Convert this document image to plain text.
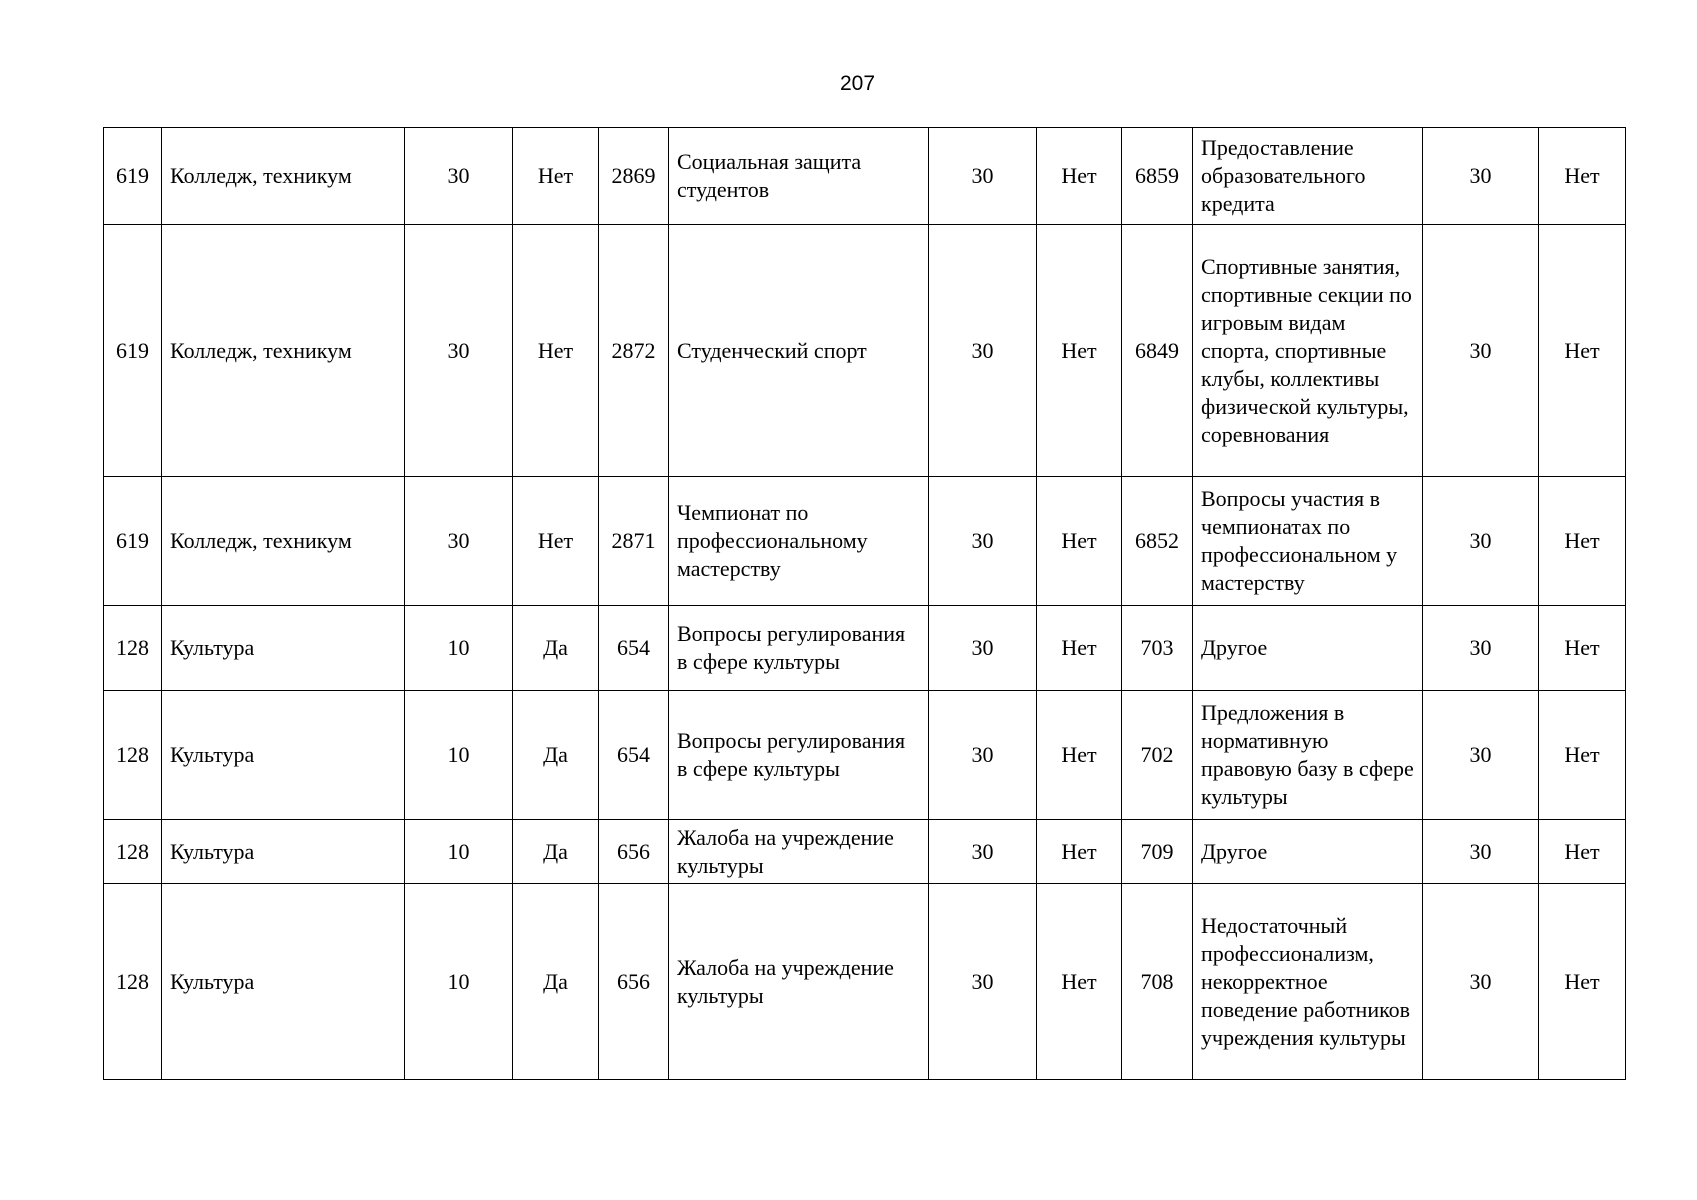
207
619	Колледж, техникум	30	Нет	2869	Социальная защита студентов	30	Нет	6859	Предоставление образовательного кредита	30	Нет
619	Колледж, техникум	30	Нет	2872	Студенческий спорт	30	Нет	6849	Спортивные занятия, спортивные секции по игровым видам спорта, спортивные клубы, коллективы физической культуры, соревнования	30	Нет
619	Колледж, техникум	30	Нет	2871	Чемпионат по профессиональному мастерству	30	Нет	6852	Вопросы участия в чемпионатах по профессиональном у мастерству	30	Нет
128	Культура	10	Да	654	Вопросы регулирования в сфере культуры	30	Нет	703	Другое	30	Нет
128	Культура	10	Да	654	Вопросы регулирования в сфере культуры	30	Нет	702	Предложения в нормативную правовую базу в сфере культуры	30	Нет
128	Культура	10	Да	656	Жалоба на учреждение культуры	30	Нет	709	Другое	30	Нет
128	Культура	10	Да	656	Жалоба на учреждение культуры	30	Нет	708	Недостаточный профессионализм, некорректное поведение работников учреждения культуры	30	Нет
